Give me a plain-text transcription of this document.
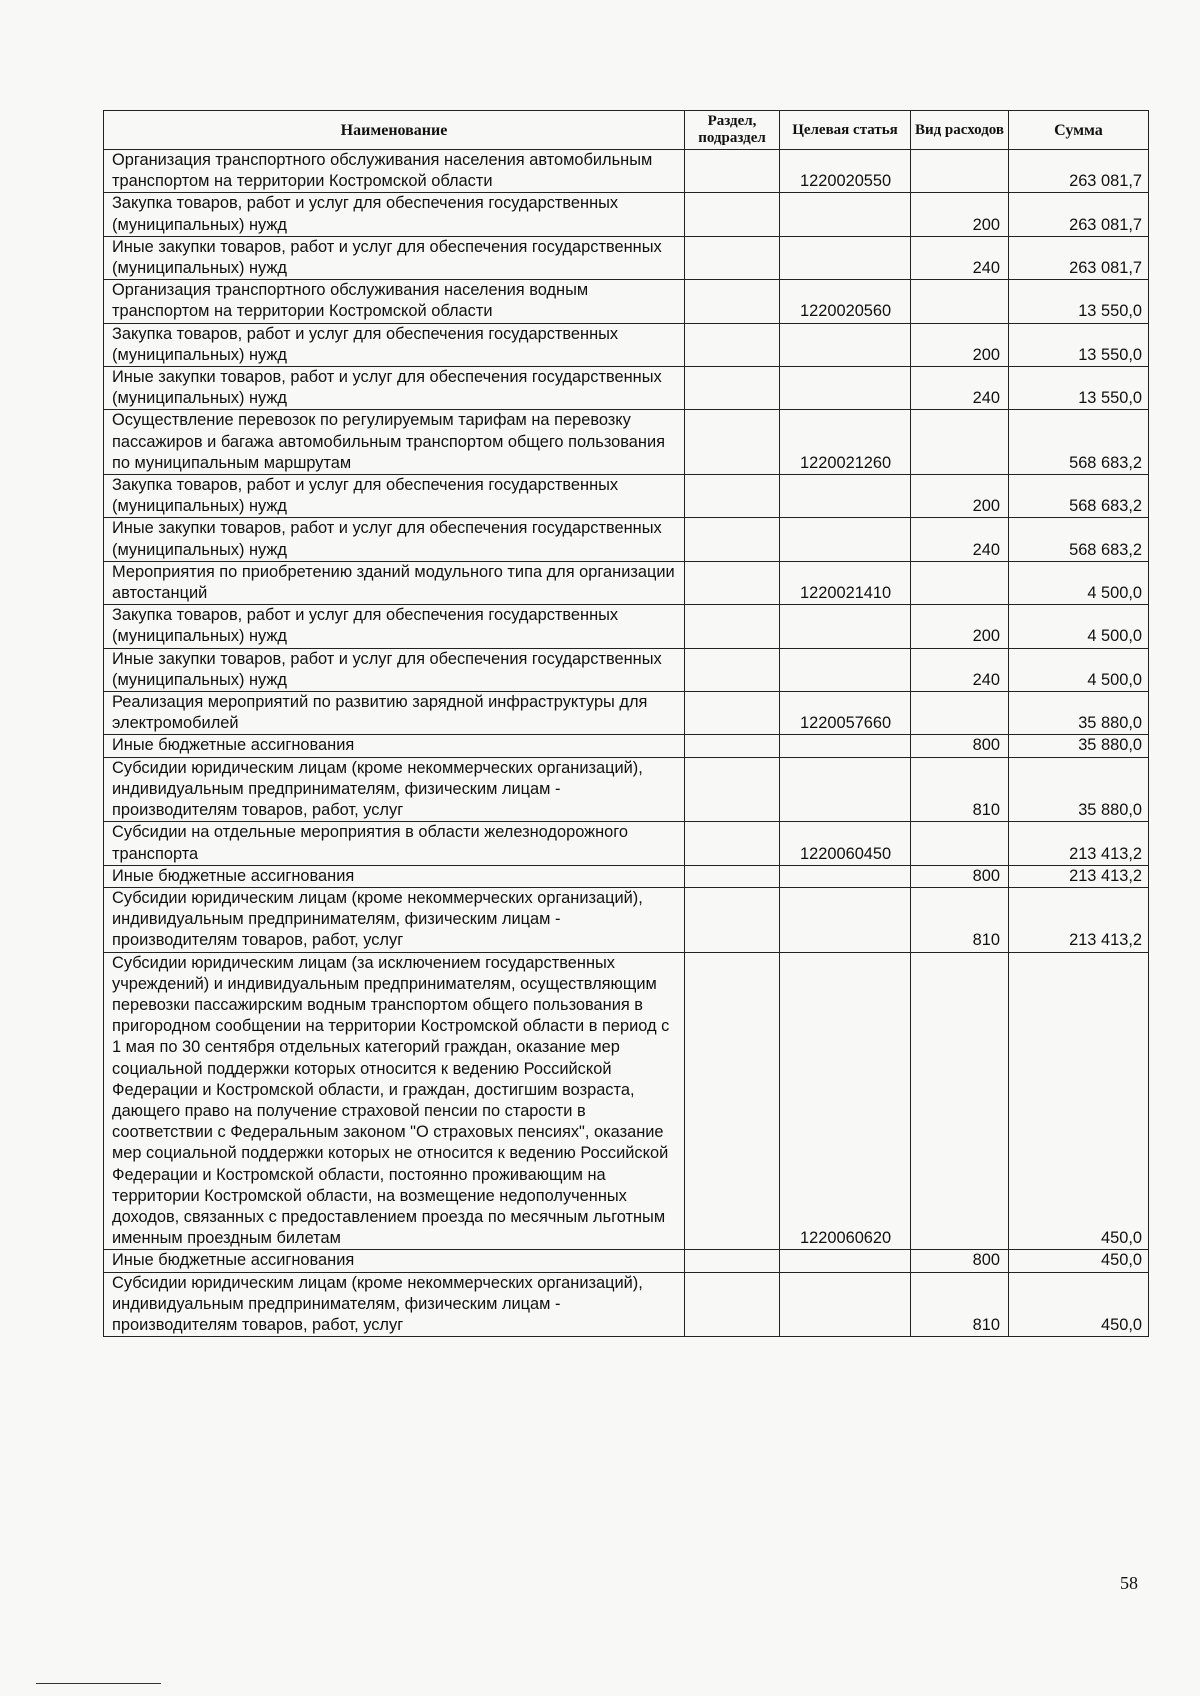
Наименование	Раздел, подраздел	Целевая статья	Вид расходов	Сумма
Организация транспортного обслуживания населения автомобильным транспортом на территории Костромской области		1220020550		263 081,7
Закупка товаров, работ и услуг для обеспечения государственных (муниципальных) нужд			200	263 081,7
Иные закупки товаров, работ и услуг для обеспечения государственных (муниципальных) нужд			240	263 081,7
Организация транспортного обслуживания населения водным транспортом на территории Костромской области		1220020560		13 550,0
Закупка товаров, работ и услуг для обеспечения государственных (муниципальных) нужд			200	13 550,0
Иные закупки товаров, работ и услуг для обеспечения государственных (муниципальных) нужд			240	13 550,0
Осуществление перевозок по регулируемым тарифам на перевозку пассажиров и багажа автомобильным транспортом общего пользования по муниципальным маршрутам		1220021260		568 683,2
Закупка товаров, работ и услуг для обеспечения государственных (муниципальных) нужд			200	568 683,2
Иные закупки товаров, работ и услуг для обеспечения государственных (муниципальных) нужд			240	568 683,2
Мероприятия по приобретению зданий модульного типа для организации автостанций		1220021410		4 500,0
Закупка товаров, работ и услуг для обеспечения государственных (муниципальных) нужд			200	4 500,0
Иные закупки товаров, работ и услуг для обеспечения государственных (муниципальных) нужд			240	4 500,0
Реализация мероприятий по развитию зарядной инфраструктуры для электромобилей		1220057660		35 880,0
Иные бюджетные ассигнования			800	35 880,0
Субсидии юридическим лицам (кроме некоммерческих организаций), индивидуальным предпринимателям, физическим лицам - производителям товаров, работ, услуг			810	35 880,0
Субсидии на отдельные мероприятия в области железнодорожного транспорта		1220060450		213 413,2
Иные бюджетные ассигнования			800	213 413,2
Субсидии юридическим лицам (кроме некоммерческих организаций), индивидуальным предпринимателям, физическим лицам - производителям товаров, работ, услуг			810	213 413,2
Субсидии юридическим лицам (за исключением государственных учреждений) и индивидуальным предпринимателям, осуществляющим перевозки пассажирским водным транспортом общего пользования в пригородном сообщении на территории Костромской области в период с 1 мая по 30 сентября отдельных категорий граждан, оказание мер социальной поддержки которых относится к ведению Российской Федерации и Костромской области, и граждан, достигшим возраста, дающего право на получение страховой пенсии по старости в соответствии с Федеральным законом "О страховых пенсиях", оказание мер социальной поддержки которых не относится к ведению Российской Федерации и Костромской области, постоянно проживающим на территории Костромской области, на возмещение недополученных доходов, связанных с предоставлением проезда по месячным льготным именным проездным билетам		1220060620		450,0
Иные бюджетные ассигнования			800	450,0
Субсидии юридическим лицам (кроме некоммерческих организаций), индивидуальным предпринимателям, физическим лицам - производителям товаров, работ, услуг			810	450,0
58
